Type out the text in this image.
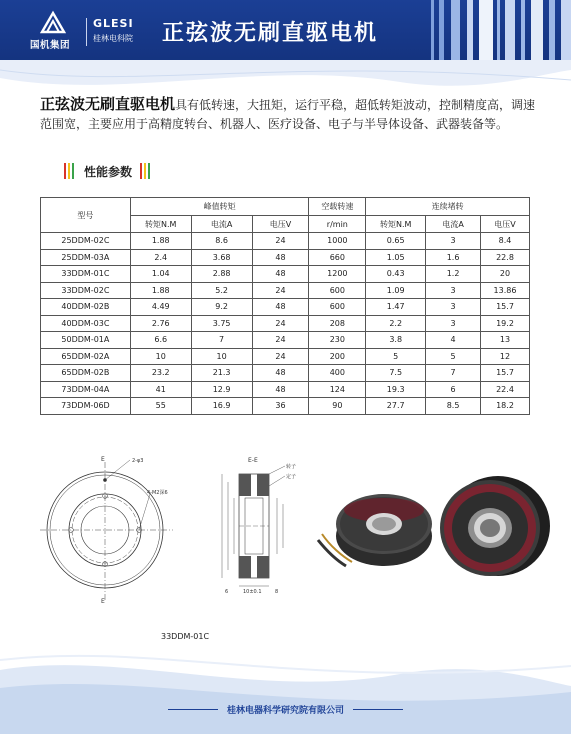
国机集团
GLESI
桂林电科院 正弦波无刷直驱电机
正弦波无刷直驱电机具有低转速，大扭矩，运行平稳，超低转矩波动，控制精度高，调速范围宽，主要应用于高精度转台、机器人、医疗设备、电子与半导体设备、武器装备等。
性能参数
型号	峰值转矩			空载转速	连续堵转		
	转矩N.M	电流A	电压V	r/min	转矩N.M	电流A	电压V
25DDM-02C	1.88	8.6	24	1000	0.65	3	8.4
25DDM-03A	2.4	3.68	48	660	1.05	1.6	22.8
33DDM-01C	1.04	2.88	48	1200	0.43	1.2	20
33DDM-02C	1.88	5.2	24	600	1.09	3	13.86
40DDM-02B	4.49	9.2	48	600	1.47	3	15.7
40DDM-03C	2.76	3.75	24	208	2.2	3	19.2
50DDM-01A	6.6	7	24	230	3.8	4	13
65DDM-02A	10	10	24	200	5	5	12
65DDM-02B	23.2	21.3	48	400	7.5	7	15.7
73DDM-04A	41	12.9	48	124	19.3	6	22.4
73DDM-06D	55	16.9	36	90	27.7	8.5	18.2
E
E
2-φ3
4-M2深6
E-E
转子
定子
6	10±0.1	8
33DDM-01C
桂林电器科学研究院有限公司
